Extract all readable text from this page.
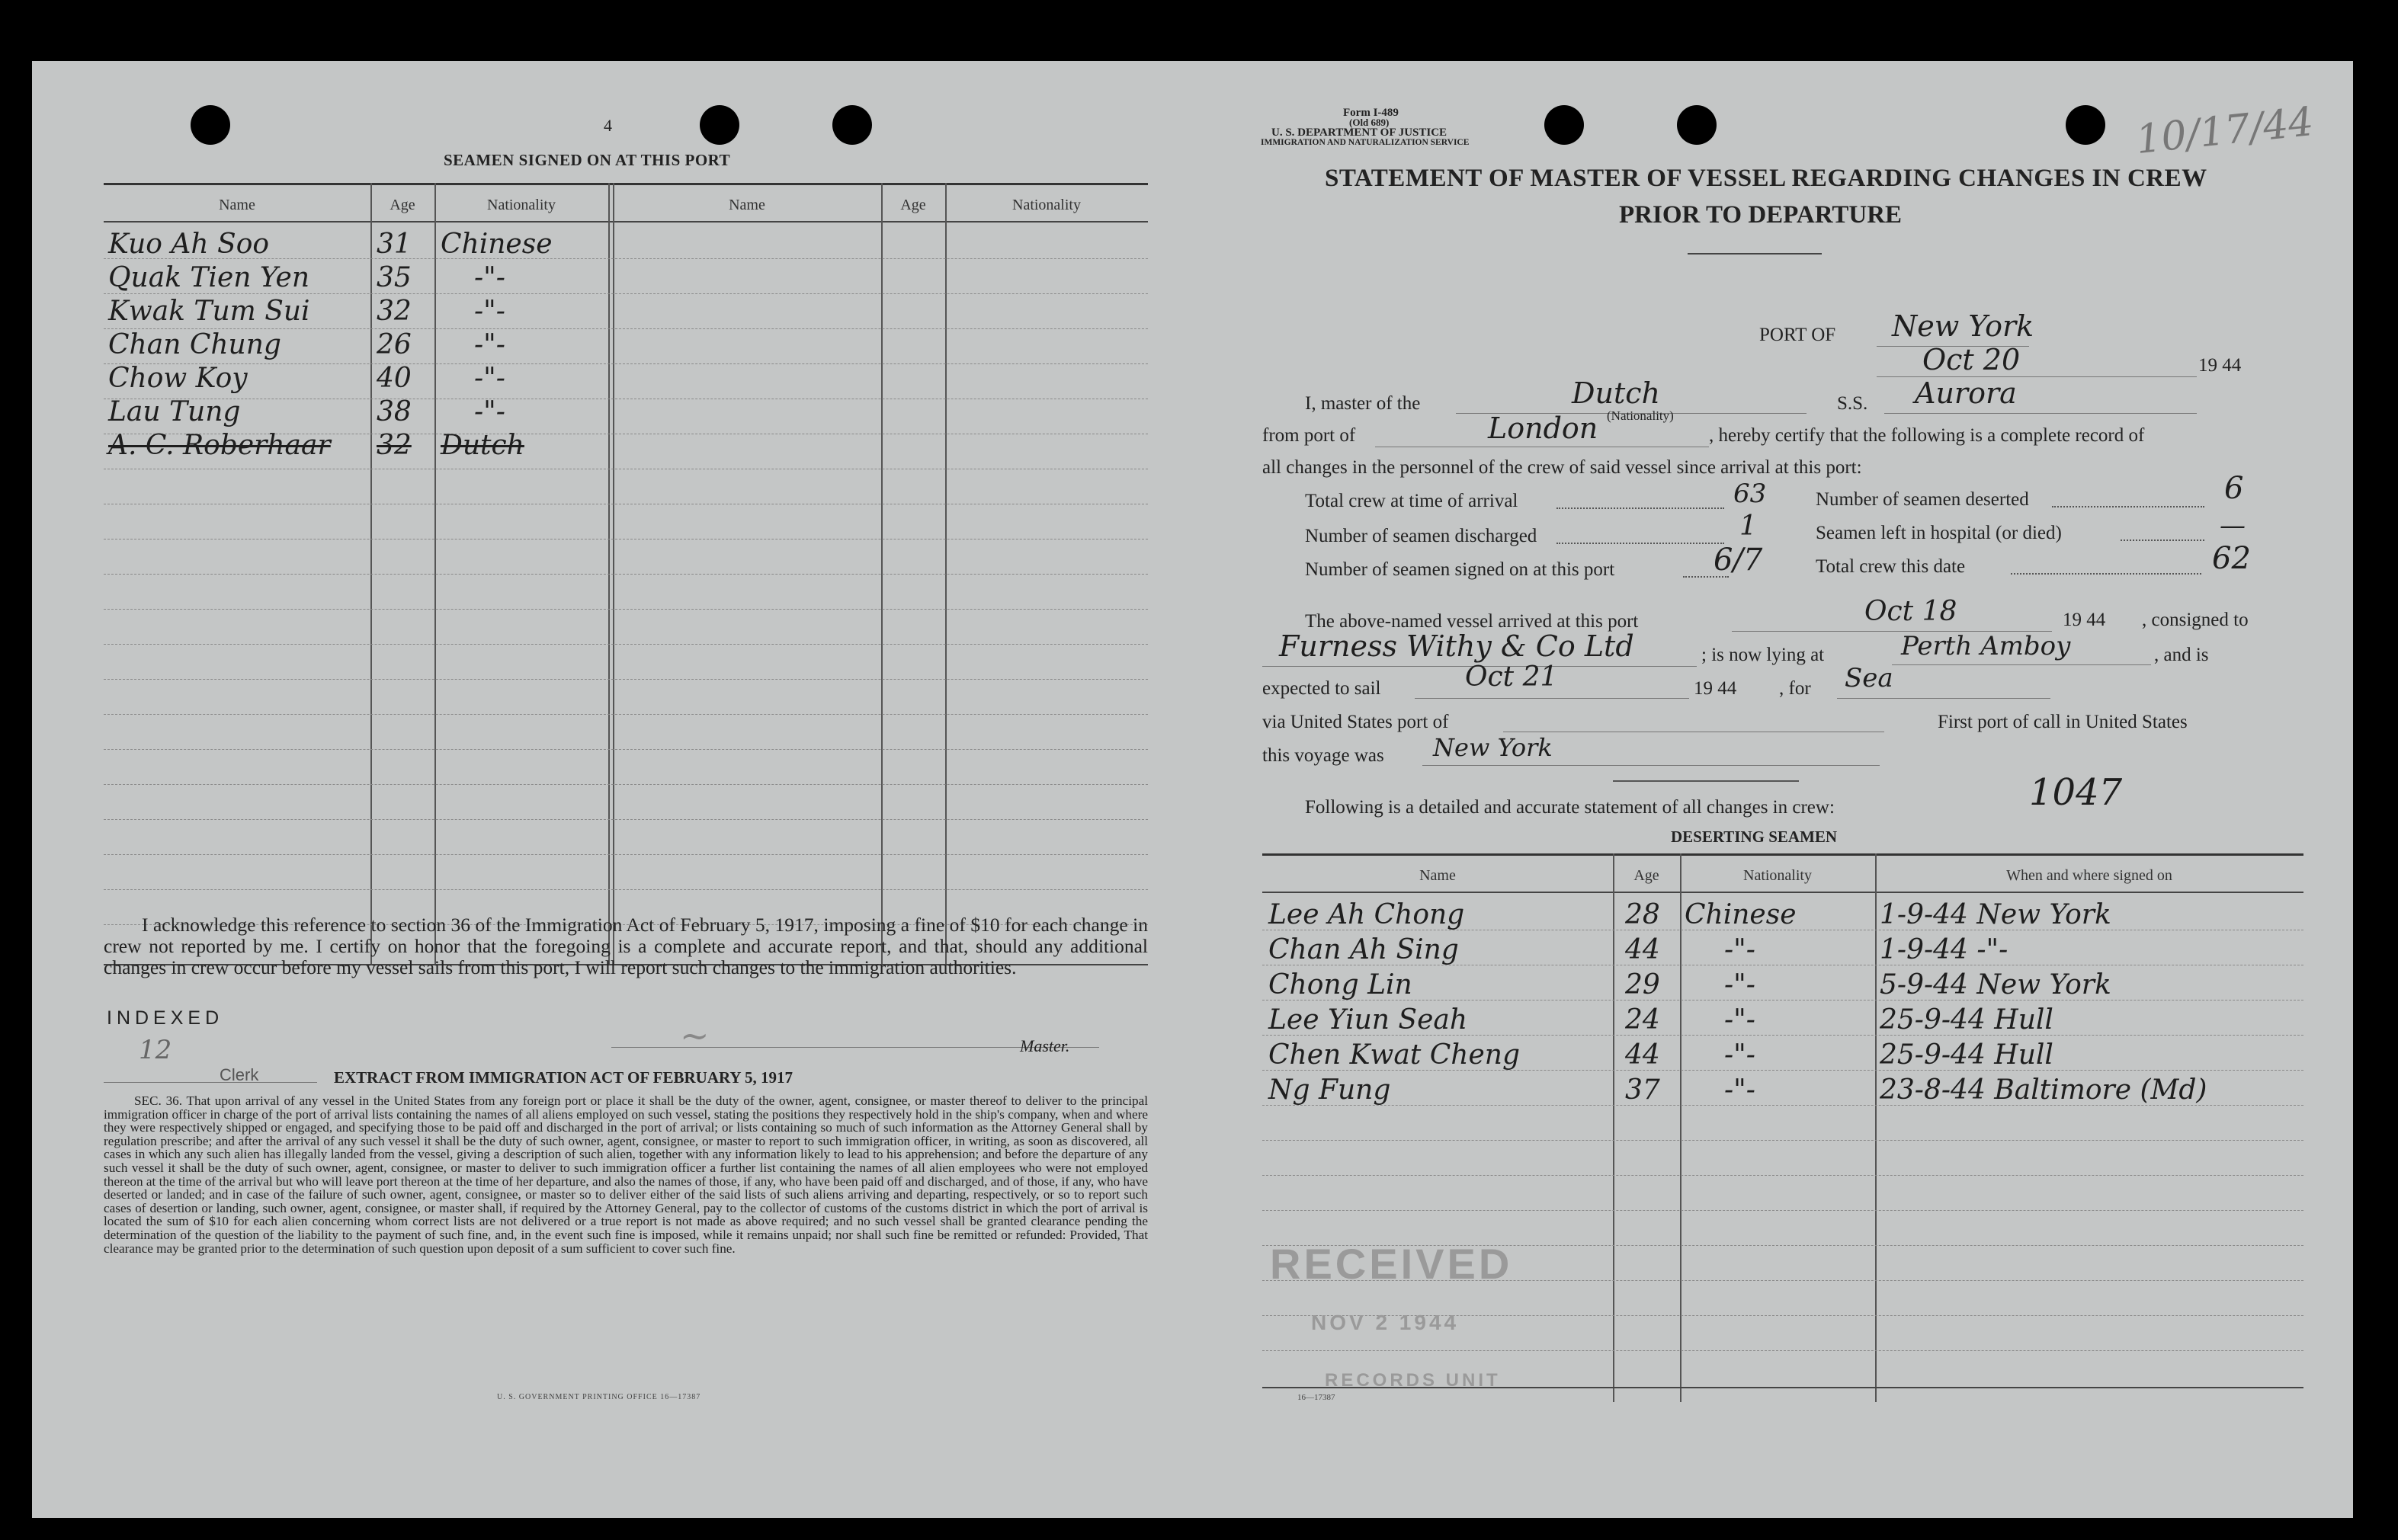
4
SEAMEN SIGNED ON AT THIS PORT
Name	Age	Nationality	Name	Age	Nationality
Kuo Ah Soo	31 Chinese
Quak Tien Yen 35 -"-
Kwak Tum Sui 32 -"-
Chan Chung	26 -"-
Chow Koy	40 -"-
Lau Tung	38 -"-
A. C. Roberhaar 32 Dutch
I acknowledge this reference to section 36 of the Immigration Act of February 5, 1917, imposing a fine of $10 for each change in crew not reported by me. I certify on honor that the foregoing is a complete and accurate report, and that, should any additional changes in crew occur before my vessel sails from this port, I will report such changes to the immigration authorities.
INDEXED
12
Clerk
~	Master.
EXTRACT FROM IMMIGRATION ACT OF FEBRUARY 5, 1917
SEC. 36. That upon arrival of any vessel in the United States from any foreign port or place it shall be the duty of the owner, agent, consignee, or master thereof to deliver to the principal immigration officer in charge of the port of arrival lists containing the names of all aliens employed on such vessel, stating the positions they respectively hold in the ship's company, when and where they were respectively shipped or engaged, and specifying those to be paid off and discharged in the port of arrival; or lists containing so much of such information as the Attorney General shall by regulation prescribe; and after the arrival of any such vessel it shall be the duty of such owner, agent, consignee, or master to report to such immigration officer, in writing, as soon as discovered, all cases in which any such alien has illegally landed from the vessel, giving a description of such alien, together with any information likely to lead to his apprehension; and before the departure of any such vessel it shall be the duty of such owner, agent, consignee, or master to deliver to such immigration officer a further list containing the names of all alien employees who were not employed thereon at the time of the arrival but who will leave port thereon at the time of her departure, and also the names of those, if any, who have been paid off and discharged, and of those, if any, who have deserted or landed; and in case of the failure of such owner, agent, consignee, or master so to deliver either of the said lists of such aliens arriving and departing, respectively, or so to report such cases of desertion or landing, such owner, agent, consignee, or master shall, if required by the Attorney General, pay to the collector of customs of the customs district in which the port of arrival is located the sum of $10 for each alien concerning whom correct lists are not delivered or a true report is not made as above required; and no such vessel shall be granted clearance pending the determination of the question of the liability to the payment of such fine, and, in the event such fine is imposed, while it remains unpaid; nor shall such fine be remitted or refunded: Provided, That clearance may be granted prior to the determination of such question upon deposit of a sum sufficient to cover such fine.
U. S. GOVERNMENT PRINTING OFFICE 16—17387
Form I-489
(Old 689)
U. S. DEPARTMENT OF JUSTICE
IMMIGRATION AND NATURALIZATION SERVICE	10/17/44
STATEMENT OF MASTER OF VESSEL REGARDING CHANGES IN CREW
PRIOR TO DEPARTURE
PORT OF New York
Oct 20	19 44
I, master of the	Dutch
(Nationality)
S.S. Aurora
from port of	London	, hereby certify that the following is a complete record of
all changes in the personnel of the crew of said vessel since arrival at this port:
Total crew at time of arrival	63	Number of seamen deserted	6
Number of seamen discharged	1	Seamen left in hospital (or died)	—
Number of seamen signed on at this port	6/7	Total crew this date	62
The above-named vessel arrived at this port	Oct 18	19 44 , consigned to
Furness Withy & Co Ltd	; is now lying at	Perth Amboy	, and is
expected to sail	Oct 21	19 44 , for Sea
via United States port of	First port of call in United States
this voyage was New York
Following is a detailed and accurate statement of all changes in crew:	1047
DESERTING SEAMEN
Name	Age	Nationality	When and where signed on
Lee Ah Chong	28 Chinese	1-9-44 New York
Chan Ah Sing	44 -"-	1-9-44 -"-
Chong Lin	29 -"-	5-9-44 New York
Lee Yiun Seah	24 -"-	25-9-44 Hull
Chen Kwat Cheng	44 -"-	25-9-44 Hull
Ng Fung	37 -"-	23-8-44 Baltimore (Md)
RECEIVED
NOV 2 1944
RECORDS UNIT
16—17387
